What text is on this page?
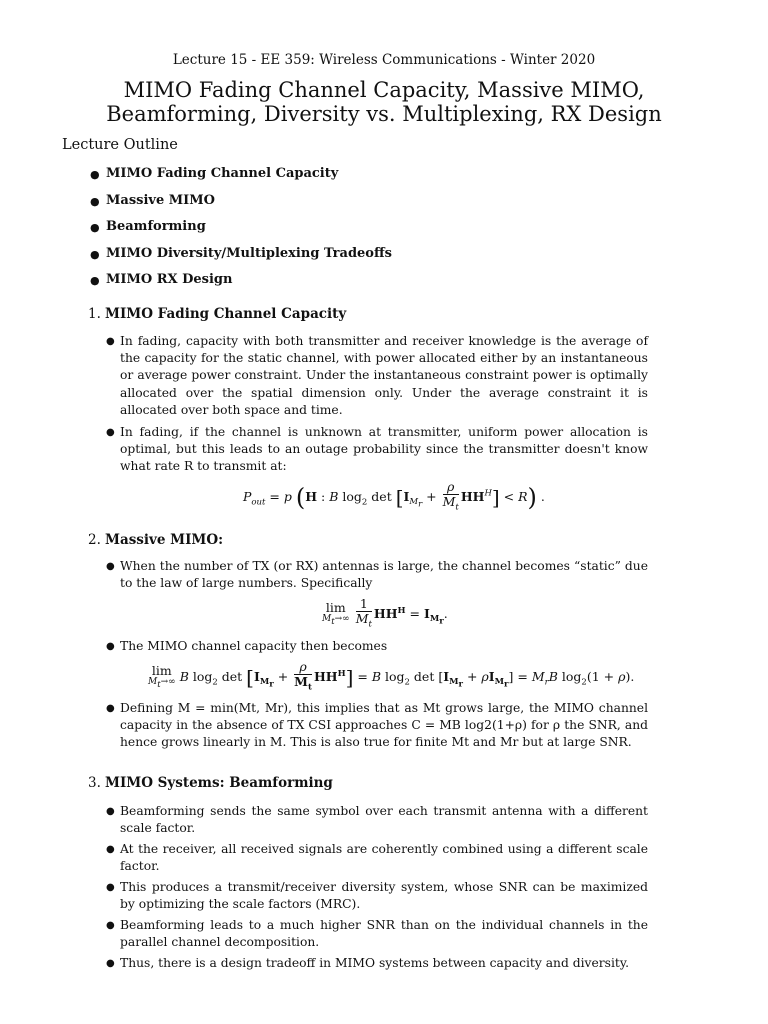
Lecture 15 - EE 359: Wireless Communications - Winter 2020
MIMO Fading Channel Capacity, Massive MIMO,
Beamforming, Diversity vs. Multiplexing, RX Design
Lecture Outline
● MIMO Fading Channel Capacity
● Massive MIMO
● Beamforming
● MIMO Diversity/Multiplexing Tradeoffs
● MIMO RX Design
1. MIMO Fading Channel Capacity
● In fading, capacity with both transmitter and receiver knowledge is the average of the capacity for the static channel, with power allocated either by an instantaneous or average power constraint. Under the instantaneous constraint power is optimally allocated over the spatial dimension only. Under the average constraint it is allocated over both space and time.
● In fading, if the channel is unknown at transmitter, uniform power allocation is optimal, but this leads to an outage probability since the transmitter doesn't know what rate R to transmit at:
$P_{out} = p$ (H : B $\log_2 \det [I_{M_r} + \frac{\rho}{M_t} HH^H] < R$) .
2. Massive MIMO:
● When the number of TX (or RX) antennas is large, the channel becomes “static” due to the law of large numbers. Specifically
lim
$M_t\to\infty \frac{1}{M_t} HH^H = I_{M_r}$.
● The MIMO channel capacity then becomes
lim
$M_t\to\infty$ B $\log_2 \det [I_{M_r} + \frac{\rho}{M_t} HH^H] = B$ $\log_2 \det [I_{M_r} + \rho I_{M_r}] = M_rB$ $\log_2(1 + \rho)$.
● Defining M = min(Mt, Mr), this implies that as Mt grows large, the MIMO channel capacity in the absence of TX CSI approaches C = MB log2(1+ρ) for ρ the SNR, and hence grows linearly in M. This is also true for finite Mt and Mr but at large SNR.
3. MIMO Systems: Beamforming
● Beamforming sends the same symbol over each transmit antenna with a different scale factor.
● At the receiver, all received signals are coherently combined using a different scale factor.
● This produces a transmit/receiver diversity system, whose SNR can be maximized by optimizing the scale factors (MRC).
● Beamforming leads to a much higher SNR than on the individual channels in the parallel channel decomposition.
● Thus, there is a design tradeoff in MIMO systems between capacity and diversity.
